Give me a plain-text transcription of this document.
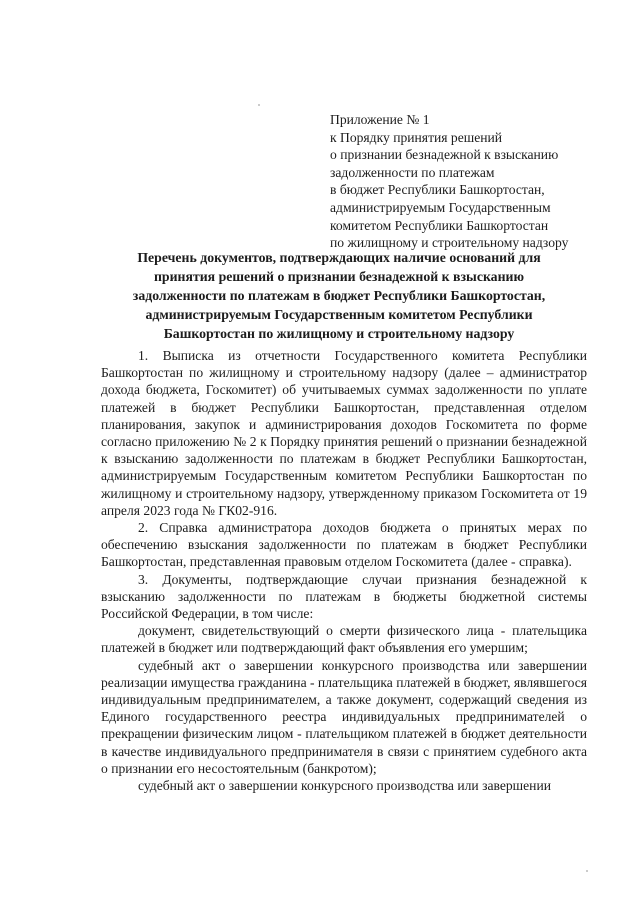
Приложение № 1
к Порядку принятия решений
о признании безнадежной к взысканию
задолженности по платежам
в бюджет Республики Башкортостан,
администрируемым Государственным
комитетом Республики Башкортостан
по жилищному и строительному надзору
Перечень документов, подтверждающих наличие оснований для
принятия решений о признании безнадежной к взысканию
задолженности по платежам в бюджет Республики Башкортостан,
администрируемым Государственным комитетом Республики
Башкортостан по жилищному и строительному надзору

1. Выписка из отчетности Государственного комитета Республики Башкортостан по жилищному и строительному надзору (далее – администратор дохода бюджета, Госкомитет) об учитываемых суммах задолженности по уплате платежей в бюджет Республики Башкортостан, представленная отделом планирования, закупок и администрирования доходов Госкомитета по форме согласно приложению № 2 к Порядку принятия решений о признании безнадежной к взысканию задолженности по платежам в бюджет Республики Башкортостан, администрируемым Государственным комитетом Республики Башкортостан по жилищному и строительному надзору, утвержденному приказом Госкомитета от 19 апреля 2023 года № ГК02-916.

2. Справка администратора доходов бюджета о принятых мерах по обеспечению взыскания задолженности по платежам в бюджет Республики Башкортостан, представленная правовым отделом Госкомитета (далее - справка).

3. Документы, подтверждающие случаи признания безнадежной к взысканию задолженности по платежам в бюджеты бюджетной системы Российской Федерации, в том числе:

документ, свидетельствующий о смерти физического лица - плательщика платежей в бюджет или подтверждающий факт объявления его умершим;

судебный акт о завершении конкурсного производства или завершении реализации имущества гражданина - плательщика платежей в бюджет, являвшегося индивидуальным предпринимателем, а также документ, содержащий сведения из Единого государственного реестра индивидуальных предпринимателей о прекращении физическим лицом - плательщиком платежей в бюджет деятельности в качестве индивидуального предпринимателя в связи с принятием судебного акта о признании его несостоятельным (банкротом);

судебный акт о завершении конкурсного производства или завершении
